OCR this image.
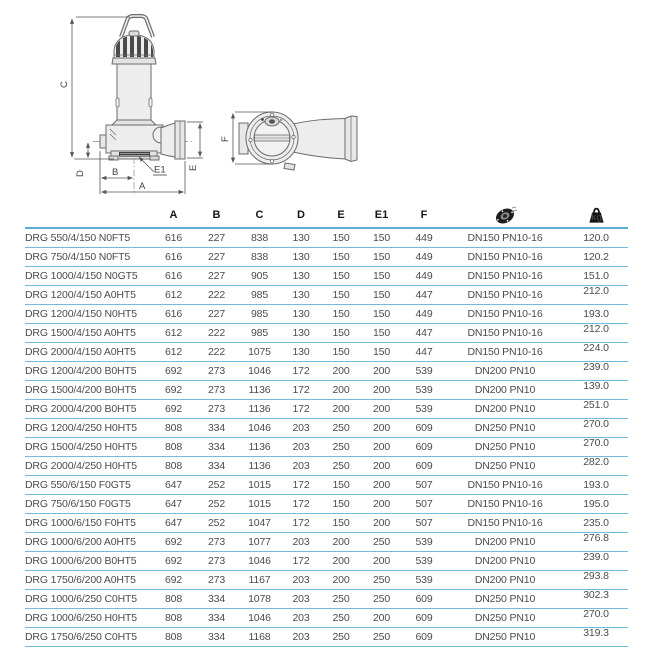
C
D	B
A
E1 E
F
	A	B	C	D	E	E1	F		kg

DRG 550/4/150 N0FT5	616	227	838	130	150	150	449	DN150 PN10-16	120.0
DRG 750/4/150 N0FT5	616	227	838	130	150	150	449	DN150 PN10-16	120.2
DRG 1000/4/150 N0GT5	616	227	905	130	150	150	449	DN150 PN10-16	151.0
DRG 1200/4/150 A0HT5	612	222	985	130	150	150	447	DN150 PN10-16	212.0
DRG 1200/4/150 N0HT5	616	227	985	130	150	150	449	DN150 PN10-16	193.0
DRG 1500/4/150 A0HT5	612	222	985	130	150	150	447	DN150 PN10-16	212.0
DRG 2000/4/150 A0HT5	612	222	1075	130	150	150	447	DN150 PN10-16	224.0
DRG 1200/4/200 B0HT5	692	273	1046	172	200	200	539	DN200 PN10	239.0
DRG 1500/4/200 B0HT5	692	273	1136	172	200	200	539	DN200 PN10	139.0
DRG 2000/4/200 B0HT5	692	273	1136	172	200	200	539	DN200 PN10	251.0
DRG 1200/4/250 H0HT5	808	334	1046	203	250	200	609	DN250 PN10	270.0
DRG 1500/4/250 H0HT5	808	334	1136	203	250	200	609	DN250 PN10	270.0
DRG 2000/4/250 H0HT5	808	334	1136	203	250	200	609	DN250 PN10	282.0
DRG 550/6/150 F0GT5	647	252	1015	172	150	200	507	DN150 PN10-16	193.0
DRG 750/6/150 F0GT5	647	252	1015	172	150	200	507	DN150 PN10-16	195.0
DRG 1000/6/150 F0HT5	647	252	1047	172	150	200	507	DN150 PN10-16	235.0
DRG 1000/6/200 A0HT5	692	273	1077	203	200	250	539	DN200 PN10	276.8
DRG 1000/6/200 B0HT5	692	273	1046	172	200	200	539	DN200 PN10	239.0
DRG 1750/6/200 A0HT5	692	273	1167	203	200	250	539	DN200 PN10	293.8
DRG 1000/6/250 C0HT5	808	334	1078	203	250	250	609	DN250 PN10	302.3
DRG 1000/6/250 H0HT5	808	334	1046	203	250	200	609	DN250 PN10	270.0
DRG 1750/6/250 C0HT5	808	334	1168	203	250	250	609	DN250 PN10	319.3
